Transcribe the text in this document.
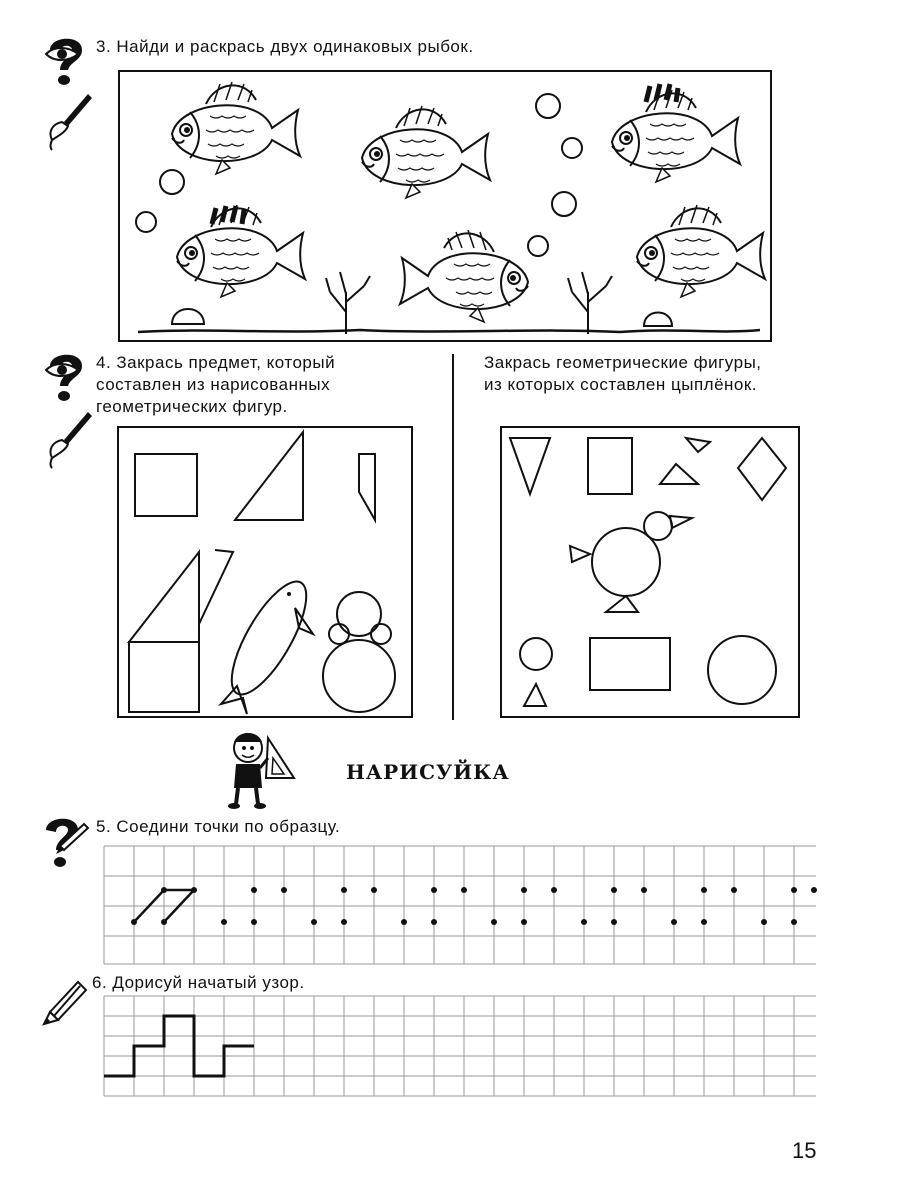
3. Найди и раскрась двух одинаковых рыбок.
4. Закрась предмет, который
составлен из нарисованных
геометрических фигур.
Закрась геометрические фигуры,
из которых составлен цыплёнок.
НАРИСУЙКА
5. Соедини точки по образцу.
6. Дорисуй начатый узор.
15
